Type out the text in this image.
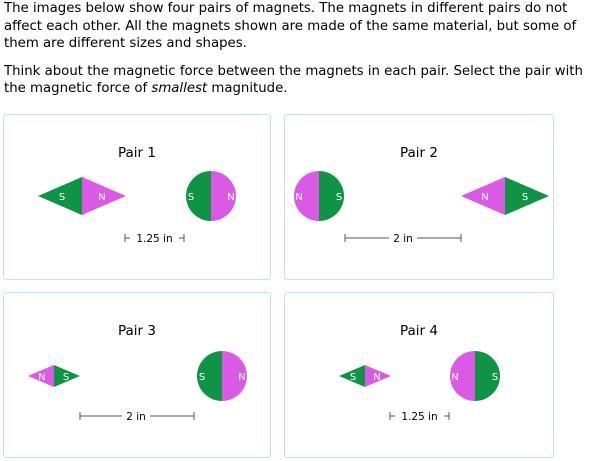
The images below show four pairs of magnets. The magnets in different pairs do not affect each other. All the magnets shown are made of the same material, but some of them are different sizes and shapes.

Think about the magnetic force between the magnets in each pair. Select the pair with the magnetic force of smallest magnitude.

Pair 1
S	N	S	N
1.25 in
Pair 2
N	S	N	S
2 in
Pair 3
N S	S	N
2 in
Pair 4
S N	N	S
1.25 in
